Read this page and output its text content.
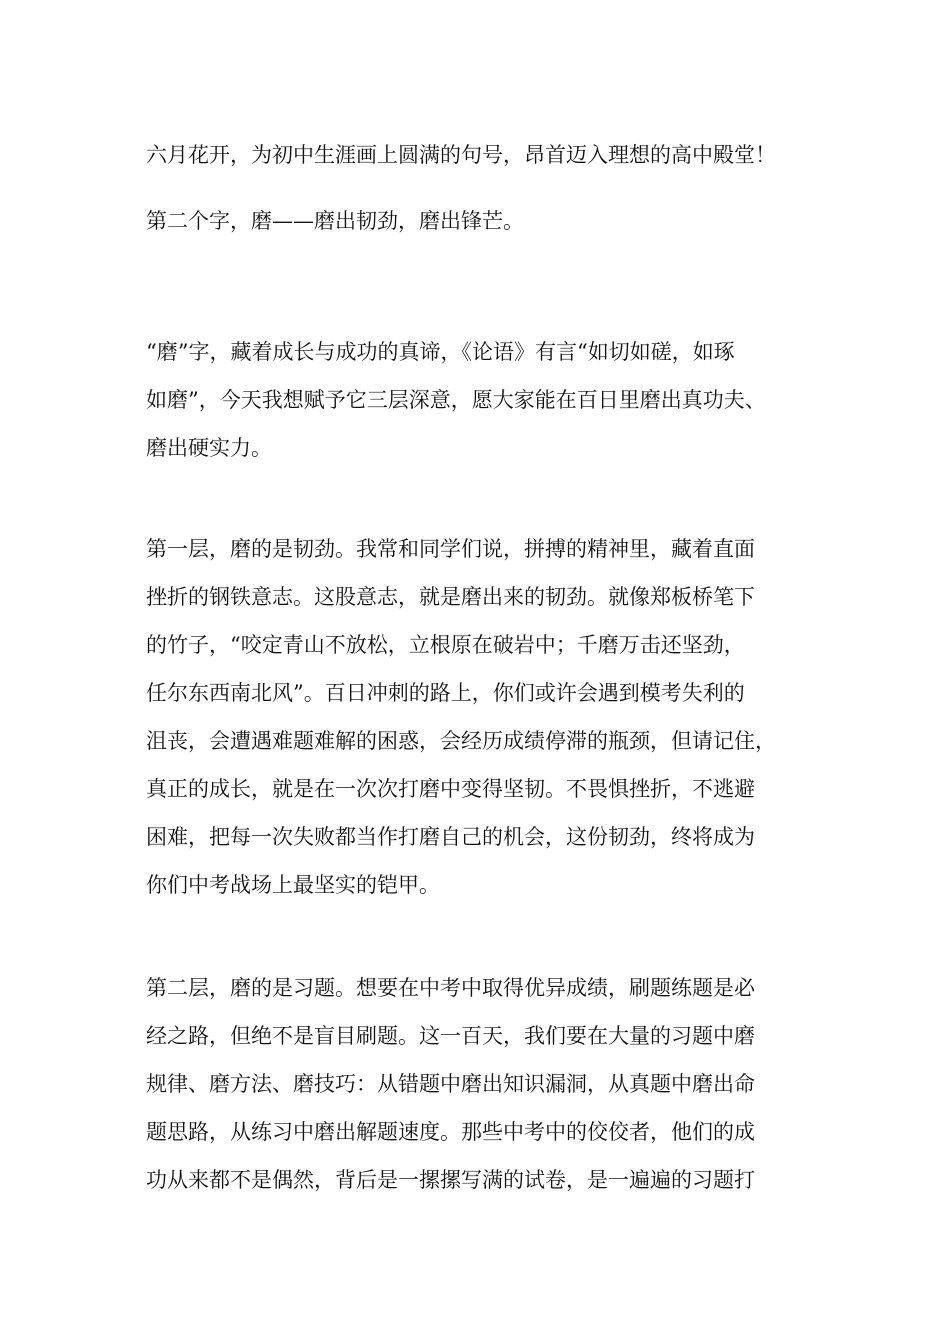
六月花开，为初中生涯画上圆满的句号，昂首迈入理想的高中殿堂！

第二个字，磨——磨出韧劲，磨出锋芒。

“磨”字，藏着成长与成功的真谛，《论语》有言“如切如磋，如琢

如磨”，今天我想赋予它三层深意，愿大家能在百日里磨出真功夫、

磨出硬实力。

第一层，磨的是韧劲。我常和同学们说，拼搏的精神里，藏着直面

挫折的钢铁意志。这股意志，就是磨出来的韧劲。就像郑板桥笔下

的竹子，“咬定青山不放松，立根原在破岩中；千磨万击还坚劲，

任尔东西南北风”。百日冲刺的路上，你们或许会遇到模考失利的

沮丧，会遭遇难题难解的困惑，会经历成绩停滞的瓶颈，但请记住，

真正的成长，就是在一次次打磨中变得坚韧。不畏惧挫折，不逃避

困难，把每一次失败都当作打磨自己的机会，这份韧劲，终将成为

你们中考战场上最坚实的铠甲。

第二层，磨的是习题。想要在中考中取得优异成绩，刷题练题是必

经之路，但绝不是盲目刷题。这一百天，我们要在大量的习题中磨

规律、磨方法、磨技巧：从错题中磨出知识漏洞，从真题中磨出命

题思路，从练习中磨出解题速度。那些中考中的佼佼者，他们的成

功从来都不是偶然，背后是一摞摞写满的试卷，是一遍遍的习题打
